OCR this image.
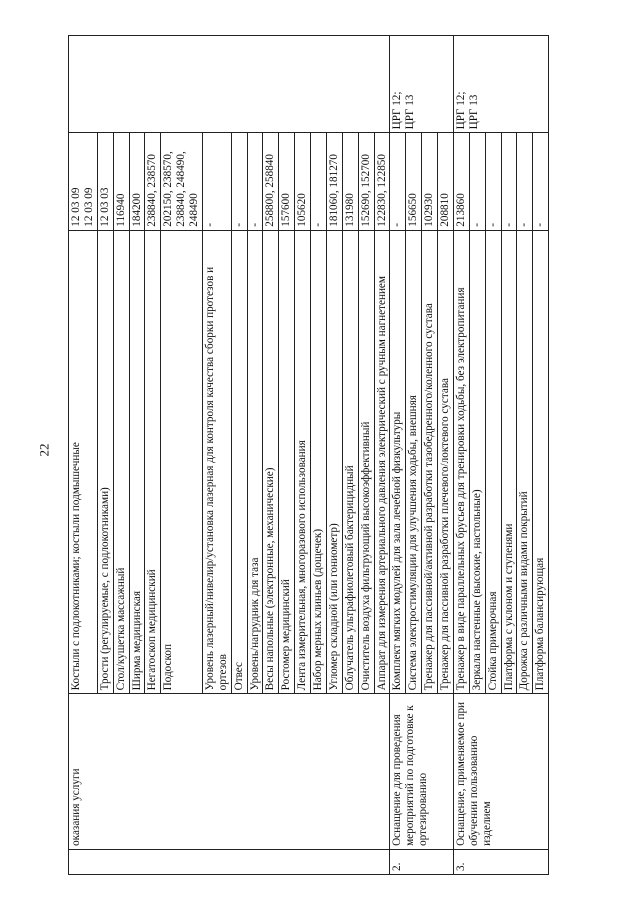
22

	оказания услуги	Костыли с подлокотниками; костыли подмышечные	12 03 09 12 03 09	

		Трости (регулируемые, с подлокотниками)	12 03 03	

		Стол/кушетка массажный	116940	

		Ширма медицинская	184200	

		Негатоскоп медицинский	238840, 238570	

		Подоскоп	202150, 238570, 238840, 248490, 248490	

		Уровень лазерный/нивелир/установка лазерная для контроля качества сборки протезов и ортезов	-	

		Отвес	-	

		Уровень/нагрудник для таза	-	

		Весы напольные (электронные, механические)	258800, 258840	

		Ростомер медицинский	157600	

		Лента измерительная, многоразового использования	105620	

		Набор мерных клиньев (дощечек)	-	

		Угломер складной (или гониометр)	181060, 181270	

		Облучатель ультрафиолетовый бактерицидный	131980	

		Очиститель воздуха фильтрующий высокоэффективный	152690, 152700	

		Аппарат для измерения артериального давления электрический с ручным нагнетением	122830, 122850	

2.	Оснащение для проведения мероприятий по подготовке к ортезированию	Комплект мягких модулей для зала лечебной физкультуры	-	ЦРГ 12; ЦРГ 13

		Система электростимуляции для улучшения ходьбы, внешняя	156650	

		Тренажер для пассивной/активной разработки тазобедренного/коленного сустава	102930	

		Тренажер для пассивной разработки плечевого/локтевого сустава	208810	

3.	Оснащение, применяемое при обучении пользованию изделием	Тренажер в виде параллельных брусьев для тренировки ходьбы, без электропитания	213860	ЦРГ 12; ЦРГ 13

		Зеркала настенные (высокие, настольные)	-	

		Стойка примерочная	-	

		Платформа с уклоном и ступенями	-	

		Дорожка с различными видами покрытий	-	

		Платформа балансирующая	-	
